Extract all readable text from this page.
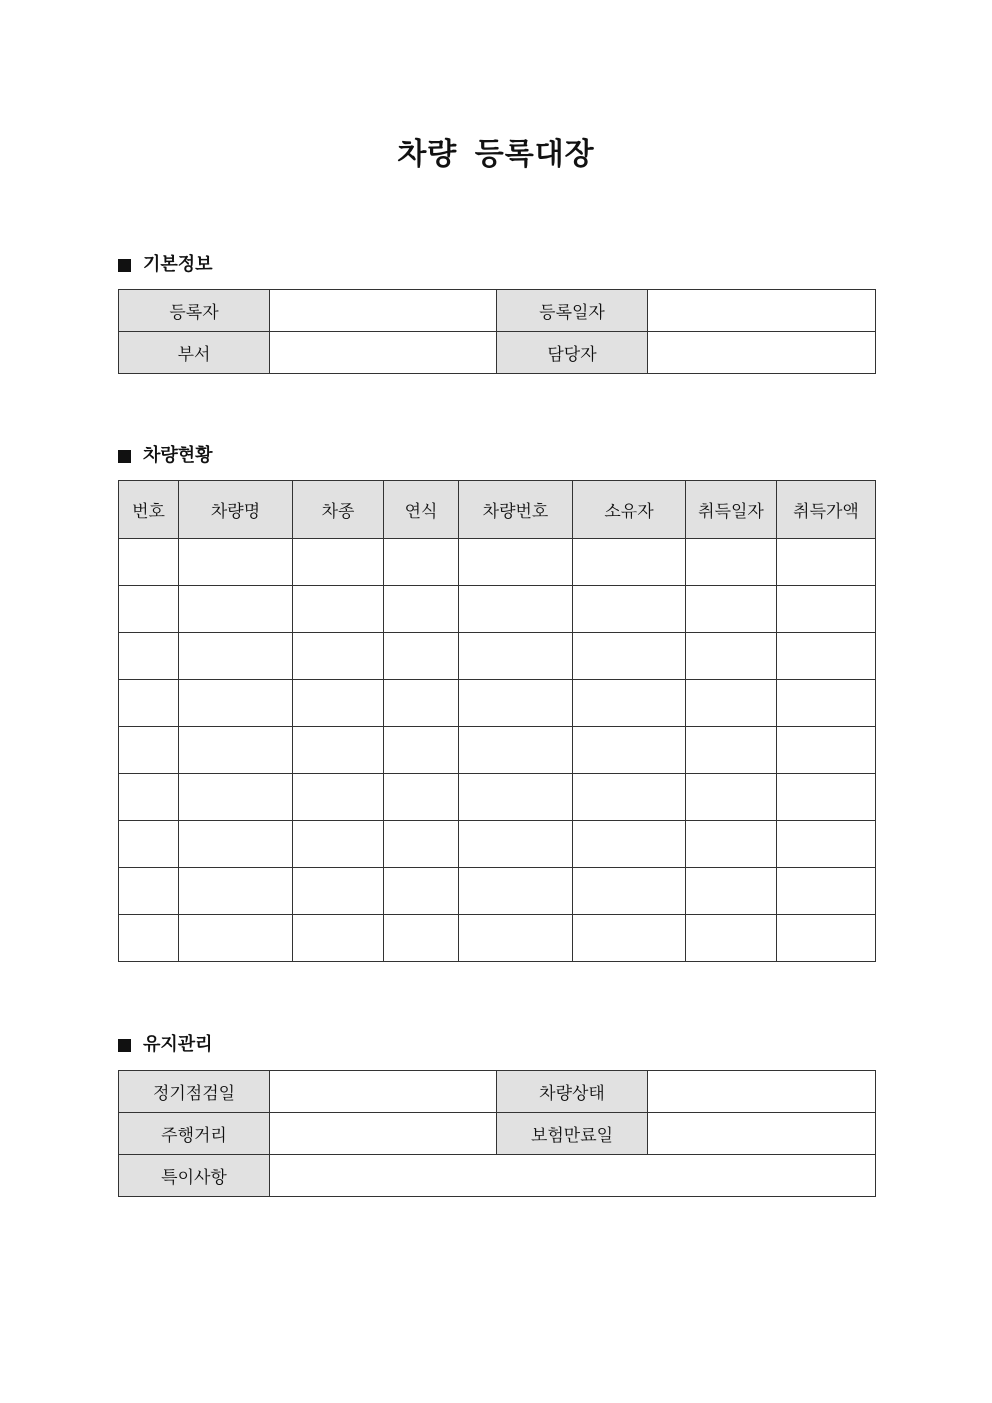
차량 등록대장
기본정보
등록자		등록일자	
부서		담당자	
차량현황
번호	차량명	차종	연식	차량번호	소유자	취득일자	취득가액

유지관리
정기점검일		차량상태	
주행거리		보험만료일	
특이사항			
